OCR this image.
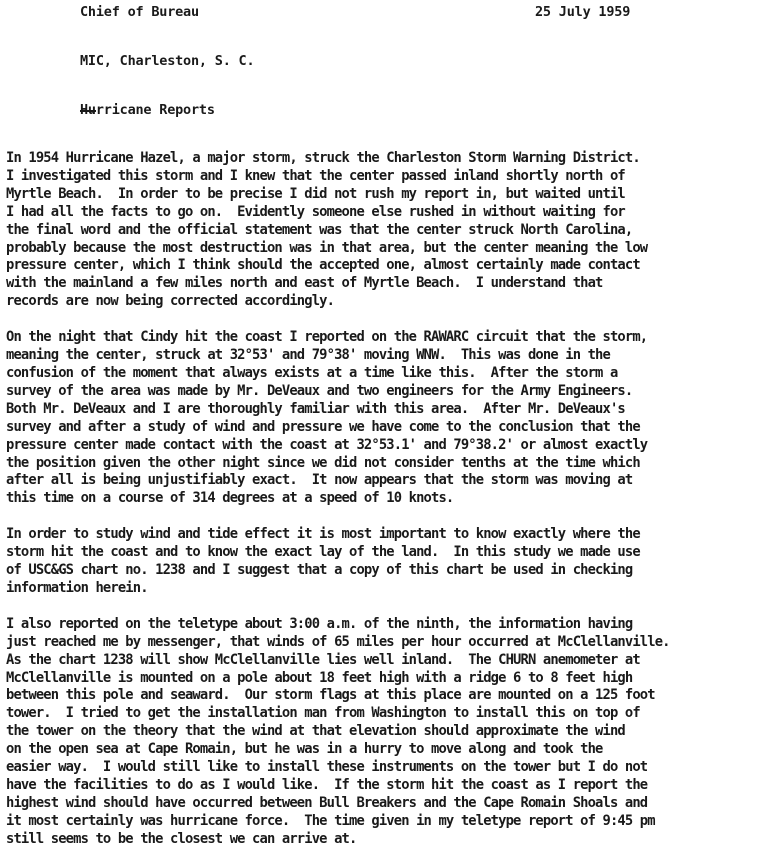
Chief of Bureau	25 July 1959
MIC, Charleston, S. C.
Hurricane Reports
In 1954 Hurricane Hazel, a major storm, struck the Charleston Storm Warning District.
I investigated this storm and I knew that the center passed inland shortly north of
Myrtle Beach.  In order to be precise I did not rush my report in, but waited until
I had all the facts to go on.  Evidently someone else rushed in without waiting for
the final word and the official statement was that the center struck North Carolina,
probably because the most destruction was in that area, but the center meaning the low
pressure center, which I think should the accepted one, almost certainly made contact
with the mainland a few miles north and east of Myrtle Beach.  I understand that
records are now being corrected accordingly.
On the night that Cindy hit the coast I reported on the RAWARC circuit that the storm,
meaning the center, struck at 32°53' and 79°38' moving WNW.  This was done in the
confusion of the moment that always exists at a time like this.  After the storm a
survey of the area was made by Mr. DeVeaux and two engineers for the Army Engineers.
Both Mr. DeVeaux and I are thoroughly familiar with this area.  After Mr. DeVeaux's
survey and after a study of wind and pressure we have come to the conclusion that the
pressure center made contact with the coast at 32°53.1' and 79°38.2' or almost exactly
the position given the other night since we did not consider tenths at the time which
after all is being unjustifiably exact.  It now appears that the storm was moving at
this time on a course of 314 degrees at a speed of 10 knots.
In order to study wind and tide effect it is most important to know exactly where the
storm hit the coast and to know the exact lay of the land.  In this study we made use
of USC&GS chart no. 1238 and I suggest that a copy of this chart be used in checking
information herein.
I also reported on the teletype about 3:00 a.m. of the ninth, the information having
just reached me by messenger, that winds of 65 miles per hour occurred at McClellanville.
As the chart 1238 will show McClellanville lies well inland.  The CHURN anemometer at
McClellanville is mounted on a pole about 18 feet high with a ridge 6 to 8 feet high
between this pole and seaward.  Our storm flags at this place are mounted on a 125 foot
tower.  I tried to get the installation man from Washington to install this on top of
the tower on the theory that the wind at that elevation should approximate the wind
on the open sea at Cape Romain, but he was in a hurry to move along and took the
easier way.  I would still like to install these instruments on the tower but I do not
have the facilities to do as I would like.  If the storm hit the coast as I report the
highest wind should have occurred between Bull Breakers and the Cape Romain Shoals and
it most certainly was hurricane force.  The time given in my teletype report of 9:45 pm
still seems to be the closest we can arrive at.
